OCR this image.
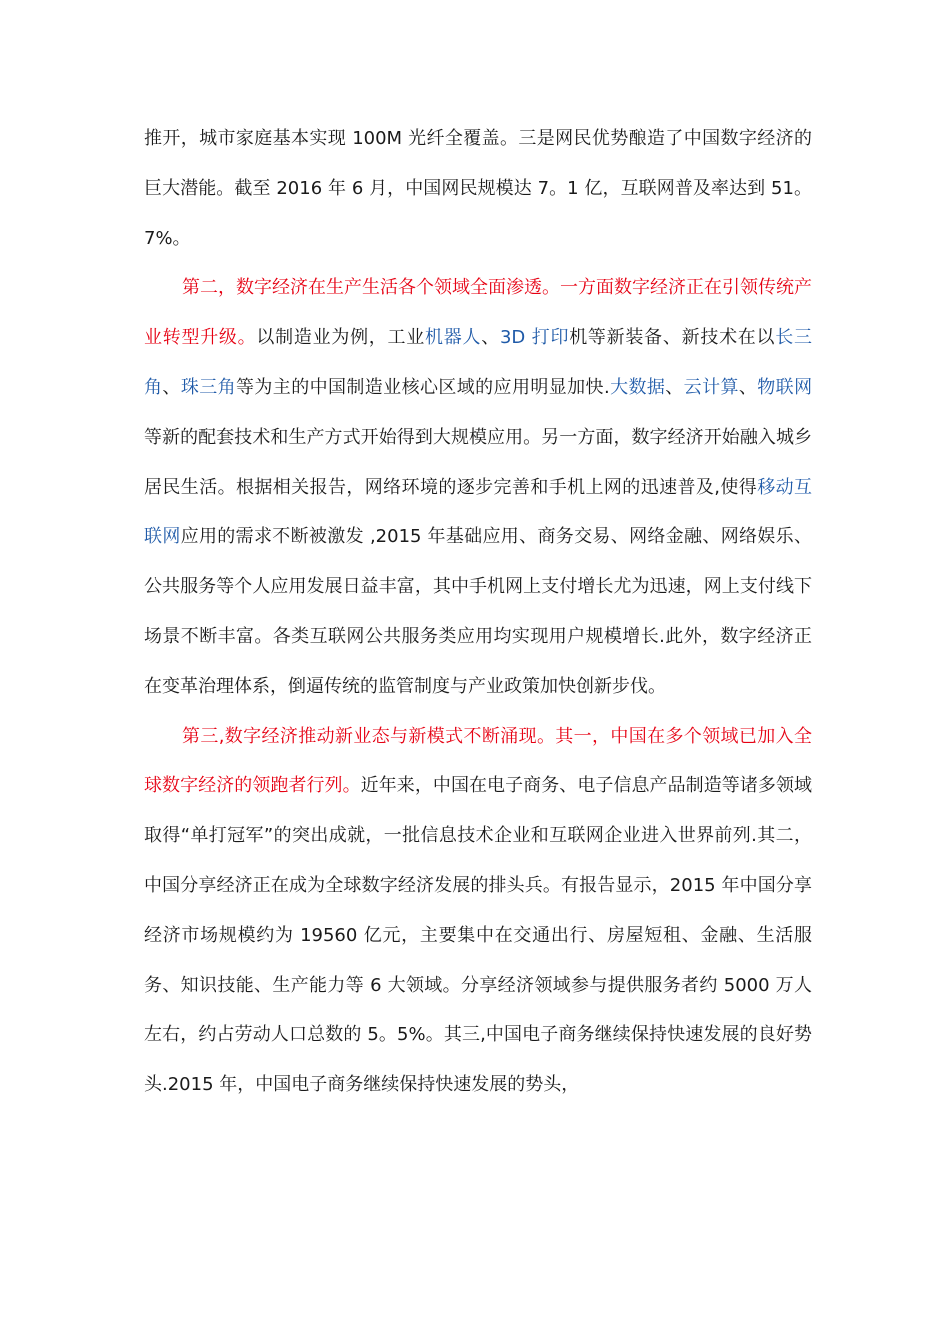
推开，城市家庭基本实现 100M 光纤全覆盖。三是网民优势酿造了中国数字经济的巨大潜能。截至 2016 年 6 月，中国网民规模达 7。1 亿，互联网普及率达到 51。7%。

第二，数字经济在生产生活各个领域全面渗透。一方面数字经济正在引领传统产业转型升级。以制造业为例，工业机器人、3D 打印机等新装备、新技术在以长三角、珠三角等为主的中国制造业核心区域的应用明显加快.大数据、云计算、物联网等新的配套技术和生产方式开始得到大规模应用。另一方面，数字经济开始融入城乡居民生活。根据相关报告，网络环境的逐步完善和手机上网的迅速普及,使得移动互联网应用的需求不断被激发 ,2015 年基础应用、商务交易、网络金融、网络娱乐、公共服务等个人应用发展日益丰富，其中手机网上支付增长尤为迅速，网上支付线下场景不断丰富。各类互联网公共服务类应用均实现用户规模增长.此外，数字经济正在变革治理体系，倒逼传统的监管制度与产业政策加快创新步伐。

第三,数字经济推动新业态与新模式不断涌现。其一，中国在多个领域已加入全球数字经济的领跑者行列。近年来，中国在电子商务、电子信息产品制造等诸多领域取得“单打冠军”的突出成就，一批信息技术企业和互联网企业进入世界前列.其二，中国分享经济正在成为全球数字经济发展的排头兵。有报告显示，2015 年中国分享经济市场规模约为 19560 亿元，主要集中在交通出行、房屋短租、金融、生活服务、知识技能、生产能力等 6 大领域。分享经济领域参与提供服务者约 5000 万人左右，约占劳动人口总数的 5。5%。其三,中国电子商务继续保持快速发展的良好势头.2015 年，中国电子商务继续保持快速发展的势头，
